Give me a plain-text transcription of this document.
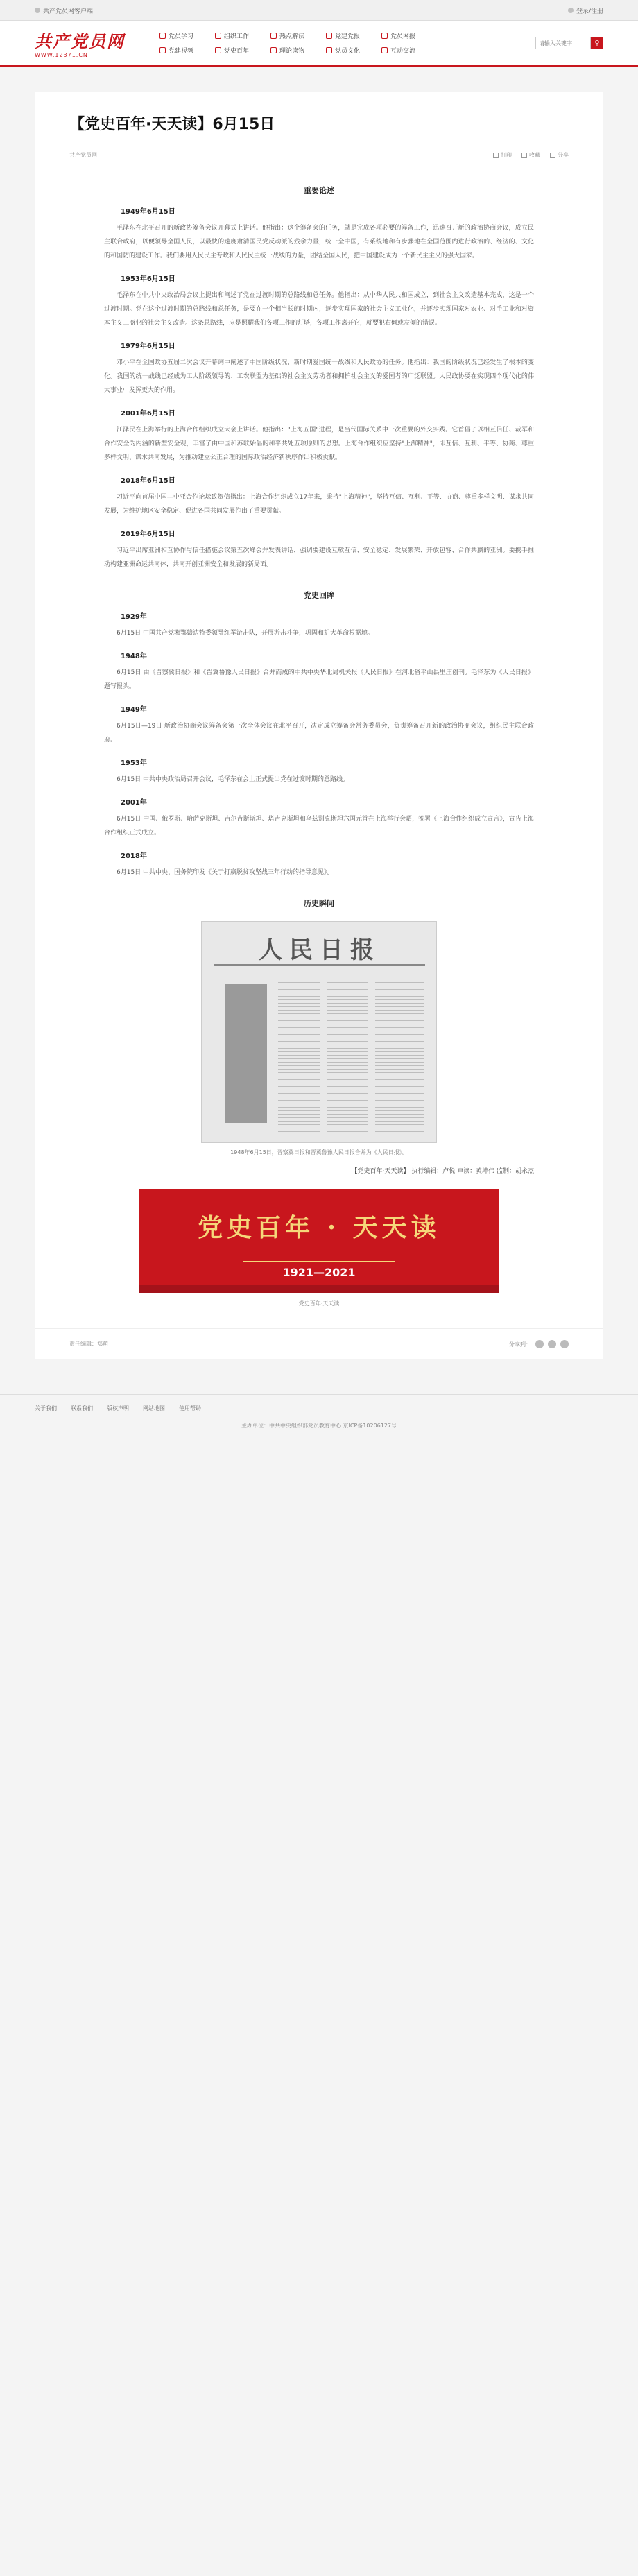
共产党员网客户端	登录/注册
共产党员网
WWW.12371.CN
党员学习	组织工作	热点解读	党建党报	党员网报
党建视频	党史百年	理论读物	党员文化	互动交流
请输入关键字
⚲
【党史百年·天天读】6月15日
共产党员网	打印	收藏	分享
重要论述
1949年6月15日

毛泽东在北平召开的新政协筹备会议开幕式上讲话。他指出：这个筹备会的任务，就是完成各项必要的筹备工作，迅速召开新的政治协商会议，成立民主联合政府，以便领导全国人民，以最快的速度肃清国民党反动派的残余力量，统一全中国，有系统地和有步骤地在全国范围内进行政治的、经济的、文化的和国防的建设工作。我们要用人民民主专政和人民民主统一战线的力量，团结全国人民，把中国建设成为一个新民主主义的强大国家。

1953年6月15日

毛泽东在中共中央政治局会议上提出和阐述了党在过渡时期的总路线和总任务。他指出：从中华人民共和国成立，到社会主义改造基本完成，这是一个过渡时期。党在这个过渡时期的总路线和总任务，是要在一个相当长的时期内，逐步实现国家的社会主义工业化，并逐步实现国家对农业、对手工业和对资本主义工商业的社会主义改造。这条总路线，应是照耀我们各项工作的灯塔，各项工作离开它，就要犯右倾或左倾的错误。

1979年6月15日

邓小平在全国政协五届二次会议开幕词中阐述了中国阶级状况、新时期爱国统一战线和人民政协的任务。他指出：我国的阶级状况已经发生了根本的变化。我国的统一战线已经成为工人阶级领导的、工农联盟为基础的社会主义劳动者和拥护社会主义的爱国者的广泛联盟。人民政协要在实现四个现代化的伟大事业中发挥更大的作用。

2001年6月15日

江泽民在上海举行的上海合作组织成立大会上讲话。他指出："上海五国"进程，是当代国际关系中一次重要的外交实践。它首倡了以相互信任、裁军和合作安全为内涵的新型安全观，丰富了由中国和苏联始倡的和平共处五项原则的思想。上海合作组织应坚持"上海精神"，即互信、互利、平等、协商、尊重多样文明、谋求共同发展，为推动建立公正合理的国际政治经济新秩序作出积极贡献。

2018年6月15日

习近平向首届中国—中亚合作论坛致贺信指出：上海合作组织成立17年来，秉持"上海精神"，坚持互信、互利、平等、协商、尊重多样文明、谋求共同发展，为维护地区安全稳定、促进各国共同发展作出了重要贡献。

2019年6月15日

习近平出席亚洲相互协作与信任措施会议第五次峰会并发表讲话，强调要建设互敬互信、安全稳定、发展繁荣、开放包容、合作共赢的亚洲。要携手推动构建亚洲命运共同体，共同开创亚洲安全和发展的新局面。

党史回眸
1929年

6月15日 中国共产党湘鄂赣边特委领导红军游击队，开展游击斗争，巩固和扩大革命根据地。

1948年

6月15日 由《晋察冀日报》和《晋冀鲁豫人民日报》合并而成的中共中央华北局机关报《人民日报》在河北省平山县里庄创刊。毛泽东为《人民日报》题写报头。

1949年

6月15日—19日 新政治协商会议筹备会第一次全体会议在北平召开，决定成立筹备会常务委员会，负责筹备召开新的政治协商会议，组织民主联合政府。

1953年

6月15日 中共中央政治局召开会议，毛泽东在会上正式提出党在过渡时期的总路线。

2001年

6月15日 中国、俄罗斯、哈萨克斯坦、吉尔吉斯斯坦、塔吉克斯坦和乌兹别克斯坦六国元首在上海举行会晤，签署《上海合作组织成立宣言》，宣告上海合作组织正式成立。

2018年

6月15日 中共中央、国务院印发《关于打赢脱贫攻坚战三年行动的指导意见》。

历史瞬间
人民日报
1948年6月15日，晋察冀日报和晋冀鲁豫人民日报合并为《人民日报》。
【党史百年·天天读】 执行编辑：卢悦 审读：黄坤伟 监制：胡永杰
党史百年 · 天天读
1921—2021
党史百年·天天读
责任编辑：郑萌	分享到：
关于我们	联系我们	版权声明	网站地图	使用帮助
主办单位：中共中央组织部党员教育中心 京ICP备10206127号
